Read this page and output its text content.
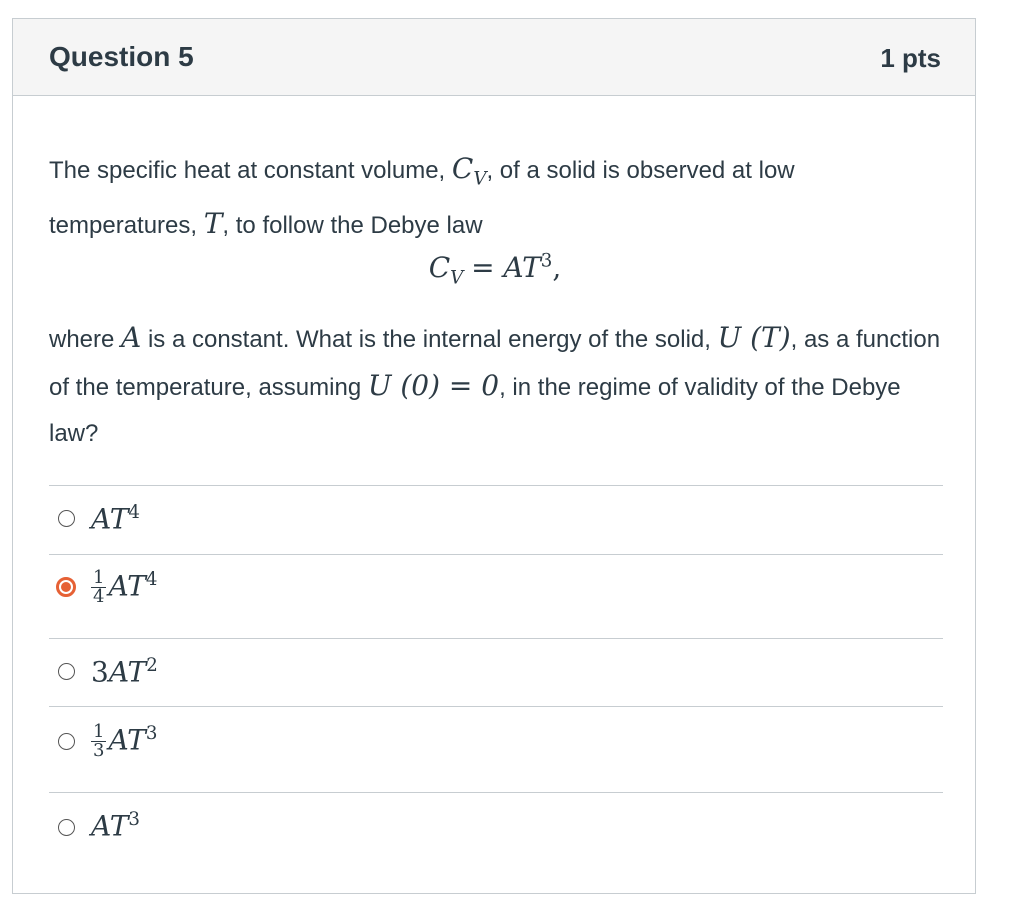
Question 5	1 pts
The specific heat at constant volume, $C_V$, of a solid is observed at low
temperatures, T, to follow the Debye law
$C_V = AT^3$,
where A is a constant. What is the internal energy of the solid, U (T), as a function of the temperature, assuming U (0) = 0, in the regime of validity of the Debye law?
$AT^4$
$\frac{1}{4} AT^4$
$3AT^2$
$\frac{1}{3} AT^3$
$AT^3$
